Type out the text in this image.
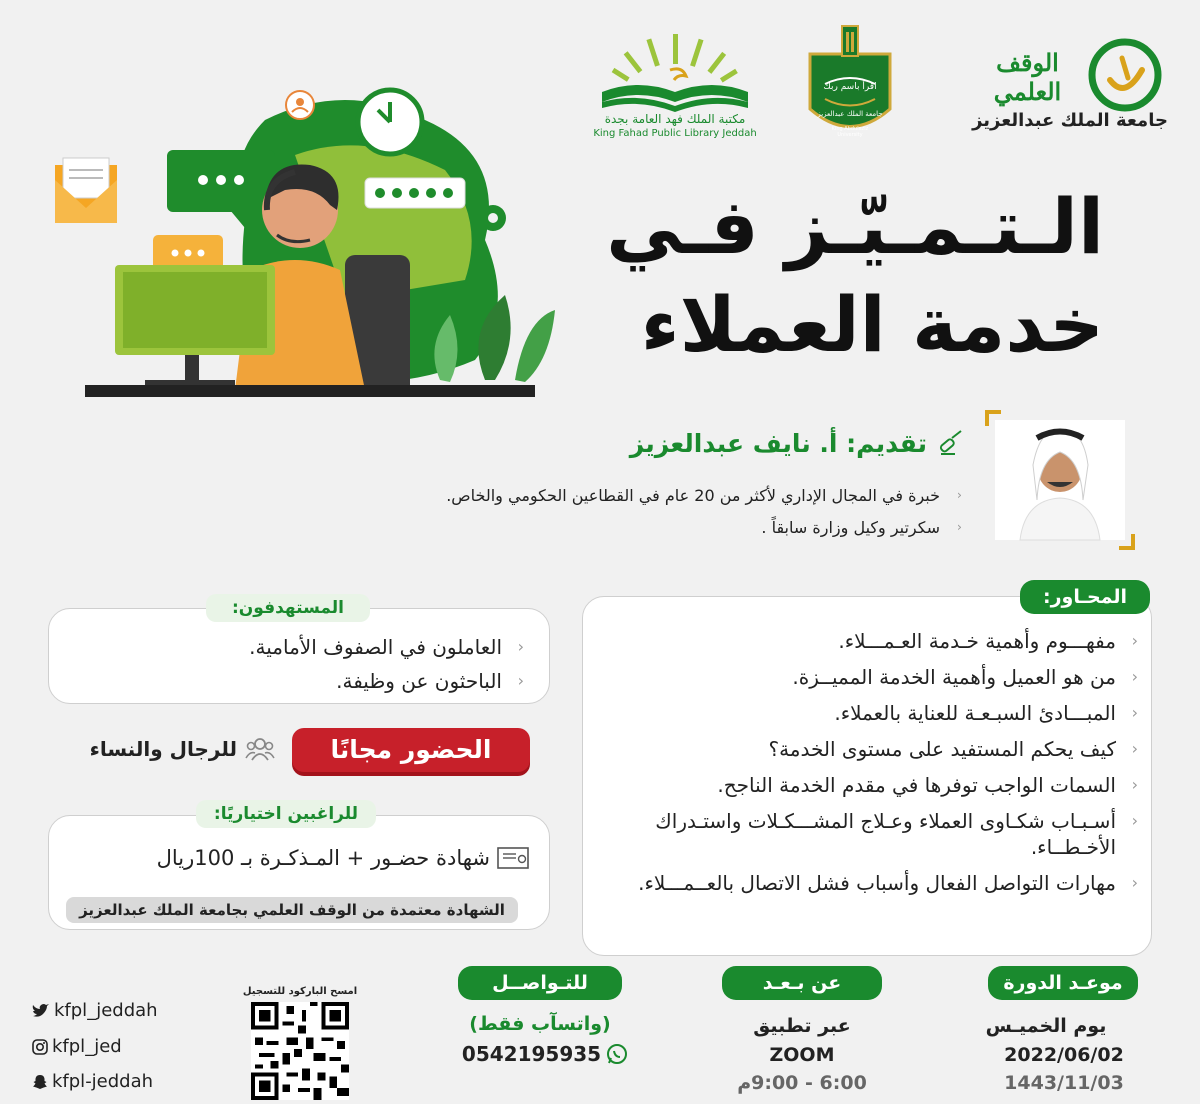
الوقف العلمي
جامعة الملك عبدالعزيز
اقرأ باسم ربك
جامعة الملك عبدالعزيز
King Abdulaziz University
مكتبة الملك فهد العامة بجدة
King Fahad Public Library Jeddah
الـتـمـيّـز فـي
خدمة العملاء
تقديم: أ. نايف عبدالعزيز
‹ خبرة في المجال الإداري لأكثر من 20 عام في القطاعين الحكومي والخاص.
‹ سكرتير وكيل وزارة سابقاً .
المحـاور:
‹ مفهـــوم وأهمية خـدمة العـمـــلاء.
‹ من هو العميل وأهمية الخدمة المميــزة.
‹ المبـــادئ السبـعـة للعناية بالعملاء.
‹ كيف يحكم المستفيد على مستوى الخدمة؟
‹ السمات الواجب توفرها في مقدم الخدمة الناجح.
‹ أسـبـاب شكـاوى العملاء وعـلاج المشـــكـلات واستـدراك الأخـطــاء.
‹ مهارات التواصل الفعال وأسباب فشل الاتصال بالعــمـــلاء.
المستهدفون:
‹ العاملون في الصفوف الأمامية.
‹ الباحثون عن وظيفة.
الحضور مجانًا
للرجال والنساء
للراغبين اختياريًا:
شهادة حضـور + المـذكـرة بـ 100ريال
الشهادة معتمدة من الوقف العلمي بجامعة الملك عبدالعزيز
موعـد الدورة
يوم الخميـس
2022/06/02
1443/11/03
عن بـعـد
عبر تطبيق
ZOOM
6:00 - 9:00م
للتـواصــل
(واتسآب فقط)
0542195935
امسح الباركود للتسجيل
kfpl_jeddah
kfpl_jed
kfpl-jeddah
